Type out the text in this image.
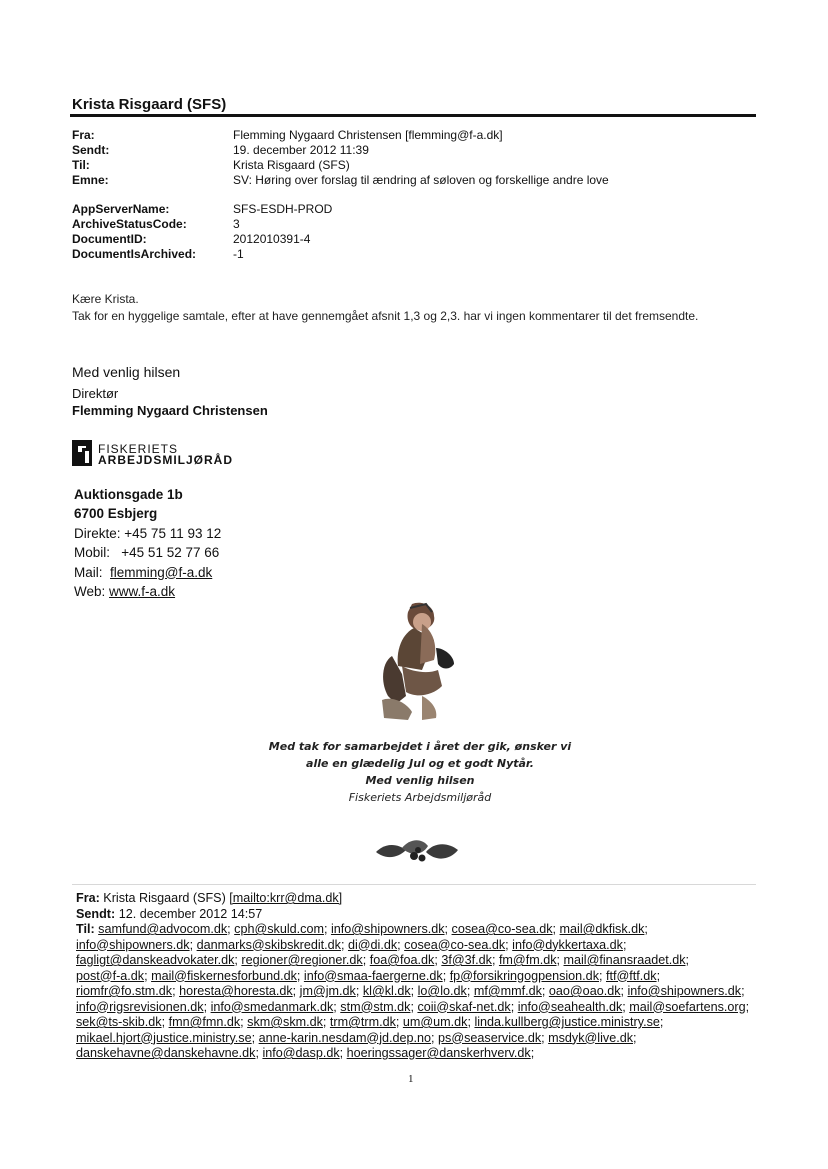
Krista Risgaard (SFS)
Fra:	Flemming Nygaard Christensen [flemming@f-a.dk]
Sendt:	19. december 2012 11:39
Til:	Krista Risgaard (SFS)
Emne:	SV: Høring over forslag til ændring af søloven og forskellige andre love
AppServerName:	SFS-ESDH-PROD
ArchiveStatusCode:	3
DocumentID:	2012010391-4
DocumentIsArchived:	-1
Kære Krista.
Tak for en hyggelige samtale, efter at have gennemgået afsnit 1,3 og 2,3. har vi ingen kommentarer til det fremsendte.
Med venlig hilsen
Direktør
Flemming Nygaard Christensen
FISKERIETS
ARBEJDSMILJØRÅD
Auktionsgade 1b
6700 Esbjerg
Direkte: +45 75 11 93 12
Mobil: +45 51 52 77 66
Mail: flemming@f-a.dk
Web: www.f-a.dk
Med tak for samarbejdet i året der gik, ønsker vi
alle en glædelig Jul og et godt Nytår.
Med venlig hilsen
Fiskeriets Arbejdsmiljøråd
Fra: Krista Risgaard (SFS) [mailto:krr@dma.dk]
Sendt: 12. december 2012 14:57
Til: samfund@advocom.dk; cph@skuld.com; info@shipowners.dk; cosea@co-sea.dk; mail@dkfisk.dk; info@shipowners.dk; danmarks@skibskredit.dk; di@di.dk; cosea@co-sea.dk; info@dykkertaxa.dk; fagligt@danskeadvokater.dk; regioner@regioner.dk; foa@foa.dk; 3f@3f.dk; fm@fm.dk; mail@finansraadet.dk; post@f-a.dk; mail@fiskernesforbund.dk; info@smaa-faergerne.dk; fp@forsikringogpension.dk; ftf@ftf.dk; riomfr@fo.stm.dk; horesta@horesta.dk; jm@jm.dk; kl@kl.dk; lo@lo.dk; mf@mmf.dk; oao@oao.dk; info@shipowners.dk; info@rigsrevisionen.dk; info@smedanmark.dk; stm@stm.dk; coii@skaf-net.dk; info@seahealth.dk; mail@soefartens.org; sek@ts-skib.dk; fmn@fmn.dk; skm@skm.dk; trm@trm.dk; um@um.dk; linda.kullberg@justice.ministry.se; mikael.hjort@justice.ministry.se; anne-karin.nesdam@jd.dep.no; ps@seaservice.dk; msdyk@live.dk; danskehavne@danskehavne.dk; info@dasp.dk; hoeringssager@danskerhverv.dk;
1
